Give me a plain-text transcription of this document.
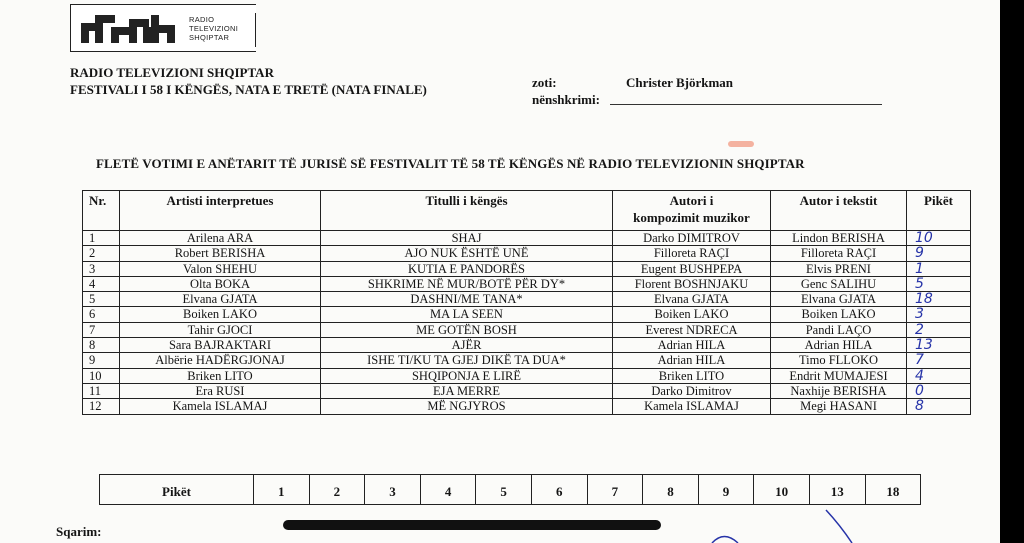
RADIO
TELEVIZIONI
SHQIPTAR
RADIO TELEVIZIONI SHQIPTAR
FESTIVALI I 58 I KËNGËS, NATA E TRETË (NATA FINALE)	zoti:
nënshkrimi:
Christer Björkman
FLETË VOTIMI E ANËTARIT TË JURISË SË FESTIVALIT TË 58 TË KËNGËS NË RADIO TELEVIZIONIN SHQIPTAR
Nr.	Artisti interpretues	Titulli i këngës	Autori i
kompozimit muzikor	Autor i tekstit	Pikët
1	Arilena ARA	SHAJ	Darko DIMITROV	Lindon BERISHA	10
2	Robert BERISHA	AJO NUK ËSHTË UNË	Filloreta RAÇI	Filloreta RAÇI	9
3	Valon SHEHU	KUTIA E PANDORËS	Eugent BUSHPEPA	Elvis PRENI	1
4	Olta BOKA	SHKRIME NË MUR/BOTË PËR DY*	Florent BOSHNJAKU	Genc SALIHU	5
5	Elvana GJATA	DASHNI/ME TANA*	Elvana GJATA	Elvana GJATA	18
6	Boiken LAKO	MA LA SEEN	Boiken LAKO	Boiken LAKO	3
7	Tahir GJOCI	ME GOTËN BOSH	Everest NDRECA	Pandi LAÇO	2
8	Sara BAJRAKTARI	AJËR	Adrian HILA	Adrian HILA	13
9	Albërie HADËRGJONAJ	ISHE TI/KU TA GJEJ DIKË TA DUA*	Adrian HILA	Timo FLLOKO	7
10	Briken LITO	SHQIPONJA E LIRË	Briken LITO	Endrit MUMAJESI	4
11	Era RUSI	EJA MERRE	Darko Dimitrov	Naxhije BERISHA	0
12	Kamela ISLAMAJ	MË NGJYROS	Kamela ISLAMAJ	Megi HASANI	8
Pikët	1	2	3	4	5	6	7	8	9	10	13	18
Sqarim:
